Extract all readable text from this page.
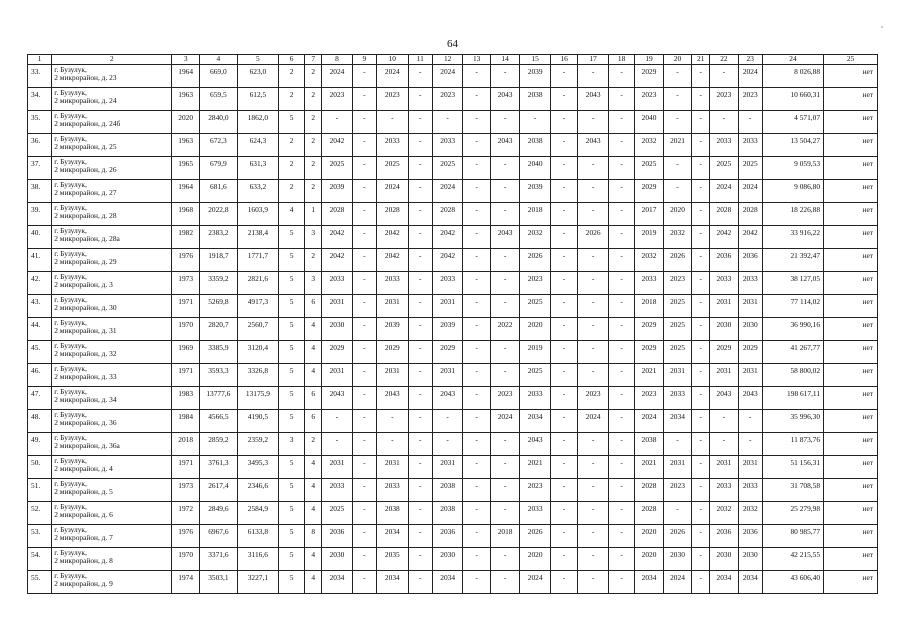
64
1	2	3	4	5	6	7	8	9	10	11	12	13	14	15	16	17	18	19	20	21	22	23	24	25
33.	г. Бузулук,
2 микрорайон, д. 23	1964	669,0	623,0	2	2	2024	-	2024	-	2024	-	-	2039	-	-	-	2029	-	-	-	2024	8 026,88	нет
34.	г. Бузулук,
2 микрорайон, д. 24	1963	659,5	612,5	2	2	2023	-	2023	-	2023	-	2043	2038	-	2043	-	2023	-	-	2023	2023	10 660,31	нет
35.	г. Бузулук,
2 микрорайон, д. 24б	2020	2840,0	1862,0	5	2	-	-	-	-	-	-	-	-	-	-	-	2040	-	-	-	-	4 571,07	нет
36.	г. Бузулук,
2 микрорайон, д. 25	1963	672,3	624,3	2	2	2042	-	2033	-	2033	-	2043	2038	-	2043	-	2032	2021	-	2033	2033	13 504,27	нет
37.	г. Бузулук,
2 микрорайон, д. 26	1965	679,9	631,3	2	2	2025	-	2025	-	2025	-	-	2040	-	-	-	2025	-	-	2025	2025	9 059,53	нет
38.	г. Бузулук,
2 микрорайон, д. 27	1964	681,6	633,2	2	2	2039	-	2024	-	2024	-	-	2039	-	-	-	2029	-	-	2024	2024	9 086,80	нет
39.	г. Бузулук,
2 микрорайон, д. 28	1968	2022,8	1603,9	4	1	2028	-	2028	-	2028	-	-	2018	-	-	-	2017	2020	-	2028	2028	18 226,88	нет
40.	г. Бузулук,
2 микрорайон, д. 28а	1982	2383,2	2138,4	5	3	2042	-	2042	-	2042	-	2043	2032	-	2026	-	2019	2032	-	2042	2042	33 916,22	нет
41.	г. Бузулук,
2 микрорайон, д. 29	1976	1918,7	1771,7	5	2	2042	-	2042	-	2042	-	-	2026	-	-	-	2032	2026	-	2036	2036	21 392,47	нет
42.	г. Бузулук,
2 микрорайон, д. 3	1973	3359,2	2821,6	5	3	2033	-	2033	-	2033	-	-	2023	-	-	-	2033	2023	-	2033	2033	38 127,05	нет
43.	г. Бузулук,
2 микрорайон, д. 30	1971	5269,8	4917,3	5	6	2031	-	2031	-	2031	-	-	2025	-	-	-	2018	2025	-	2031	2031	77 114,02	нет
44.	г. Бузулук,
2 микрорайон, д. 31	1970	2820,7	2560,7	5	4	2030	-	2039	-	2039	-	2022	2020	-	-	-	2029	2025	-	2030	2030	36 990,16	нет
45.	г. Бузулук,
2 микрорайон, д. 32	1969	3385,9	3120,4	5	4	2029	-	2029	-	2029	-	-	2019	-	-	-	2029	2025	-	2029	2029	41 267,77	нет
46.	г. Бузулук,
2 микрорайон, д. 33	1971	3593,3	3326,8	5	4	2031	-	2031	-	2031	-	-	2025	-	-	-	2021	2031	-	2031	2031	58 800,02	нет
47.	г. Бузулук,
2 микрорайон, д. 34	1983	13777,6	13175,9	5	6	2043	-	2043	-	2043	-	2023	2033	-	2023	-	2023	2033	-	2043	2043	198 617,11	нет
48.	г. Бузулук,
2 микрорайон, д. 36	1984	4566,5	4190,5	5	6	-	-	-	-	-	-	2024	2034	-	2024	-	2024	2034	-	-	-	35 996,30	нет
49.	г. Бузулук,
2 микрорайон, д. 36а	2018	2859,2	2359,2	3	2	-	-	-	-	-	-	-	2043	-	-	-	2038	-	-	-	-	11 873,76	нет
50.	г. Бузулук,
2 микрорайон, д. 4	1971	3761,3	3495,3	5	4	2031	-	2031	-	2031	-	-	2021	-	-	-	2021	2031	-	2031	2031	51 156,31	нет
51.	г. Бузулук,
2 микрорайон, д. 5	1973	2617,4	2346,6	5	4	2033	-	2033	-	2038	-	-	2023	-	-	-	2028	2023	-	2033	2033	31 708,58	нет
52.	г. Бузулук,
2 микрорайон, д. 6	1972	2849,6	2584,9	5	4	2025	-	2038	-	2038	-	-	2033	-	-	-	2028	-	-	2032	2032	25 279,98	нет
53.	г. Бузулук,
2 микрорайон, д. 7	1976	6967,6	6133,8	5	8	2036	-	2034	-	2036	-	2018	2026	-	-	-	2020	2026	-	2036	2036	80 985,77	нет
54.	г. Бузулук,
2 микрорайон, д. 8	1970	3371,6	3116,6	5	4	2030	-	2035	-	2030	-	-	2020	-	-	-	2020	2030	-	2030	2030	42 215,55	нет
55.	г. Бузулук,
2 микрорайон, д. 9	1974	3503,1	3227,1	5	4	2034	-	2034	-	2034	-	-	2024	-	-	-	2034	2024	-	2034	2034	43 606,40	нет
